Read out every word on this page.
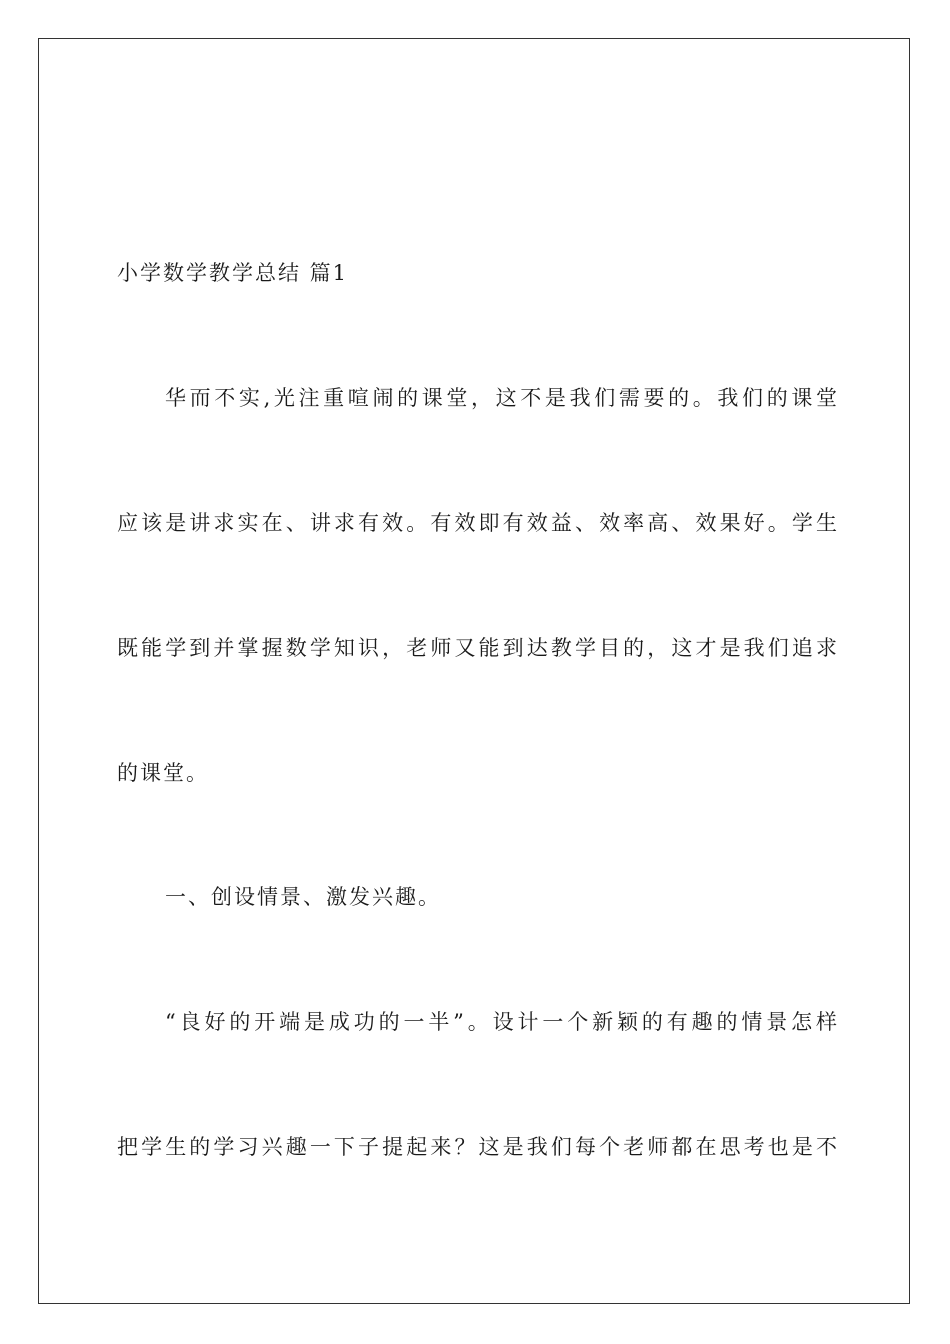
小学数学教学总结 篇1
华而不实,光注重喧闹的课堂，这不是我们需要的。我们的课堂
应该是讲求实在、讲求有效。有效即有效益、效率高、效果好。学生
既能学到并掌握数学知识，老师又能到达教学目的，这才是我们追求
的课堂。
一、创设情景、激发兴趣。
“良好的开端是成功的一半”。设计一个新颖的有趣的情景怎样
把学生的学习兴趣一下子提起来？这是我们每个老师都在思考也是不
